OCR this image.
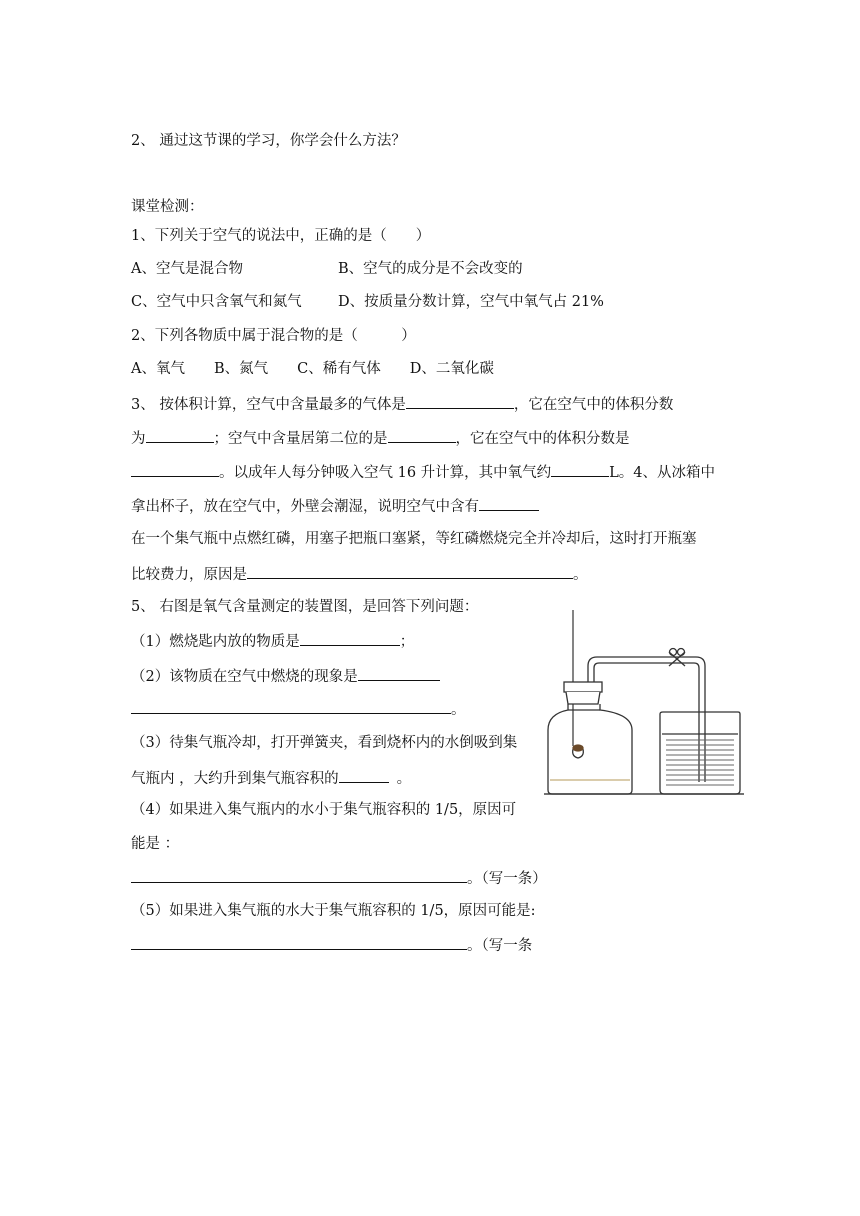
2、 通过这节课的学习，你学会什么方法？
课堂检测：
1、下列关于空气的说法中，正确的是（　　）
A、空气是混合物	B、空气的成分是不会改变的
C、空气中只含氧气和氮气	D、按质量分数计算，空气中氧气占 21%
2、下列各物质中属于混合物的是（　　　）
A、氧气　　B、氮气　　C、稀有气体　　D、二氧化碳
3、 按体积计算，空气中含量最多的气体是	，它在空气中的体积分数
为	；空气中含量居第二位的是	，它在空气中的体积分数是
。以成年人每分钟吸入空气 16 升计算，其中氧气约	L。4、从冰箱中
拿出杯子，放在空气中，外壁会潮湿，说明空气中含有
在一个集气瓶中点燃红磷，用塞子把瓶口塞紧，等红磷燃烧完全并冷却后，这时打开瓶塞
比较费力，原因是	。
5、 右图是氧气含量测定的装置图，是回答下列问题：
（1）燃烧匙内放的物质是	；
（2）该物质在空气中燃烧的现象是
。
（3）待集气瓶冷却，打开弹簧夹，看到烧杯内的水倒吸到集
气瓶内 ，大约升到集气瓶容积的	。
（4）如果进入集气瓶内的水小于集气瓶容积的 1/5，原因可
能是 ：
。（写一条）
（5）如果进入集气瓶的水大于集气瓶容积的 1/5，原因可能是:
。（写一条
